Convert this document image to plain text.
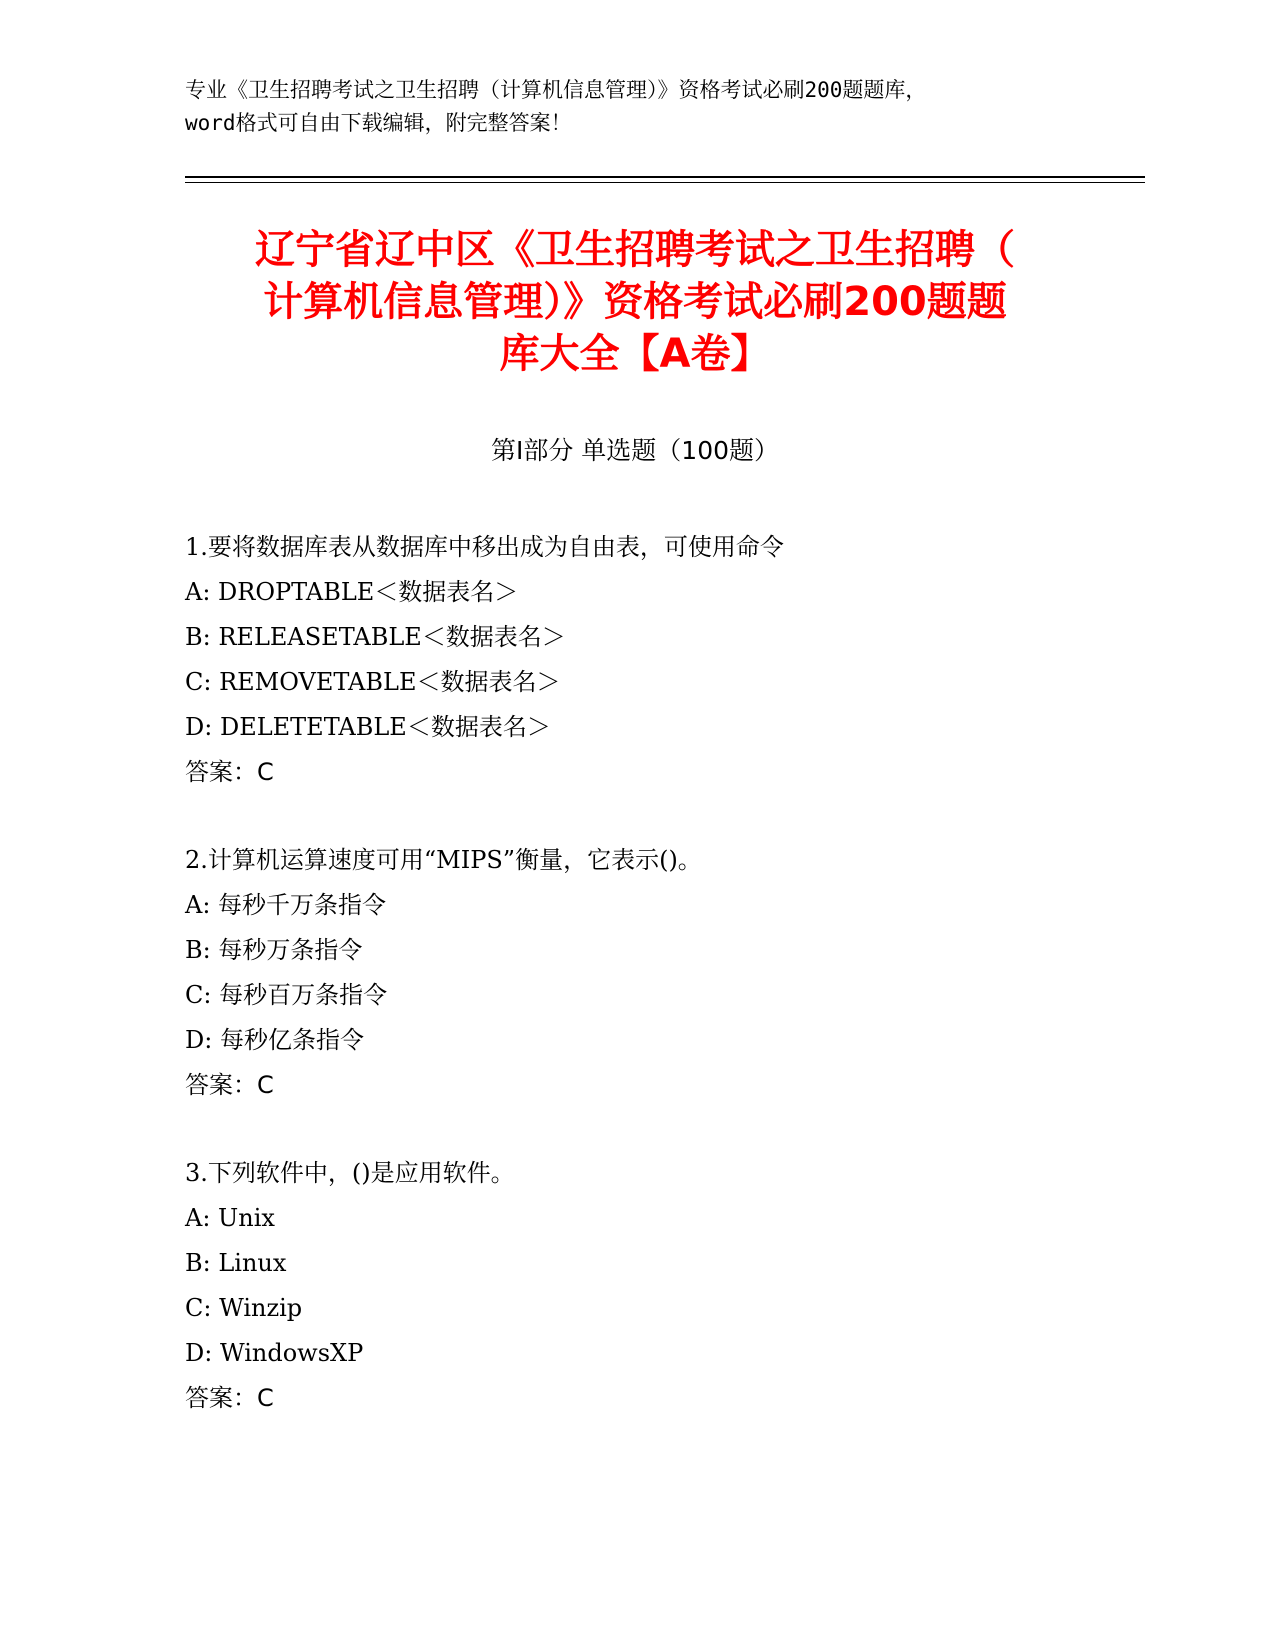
专业《卫生招聘考试之卫生招聘（计算机信息管理）》资格考试必刷200题题库，
word格式可自由下载编辑，附完整答案！
辽宁省辽中区《卫生招聘考试之卫生招聘（
计算机信息管理）》资格考试必刷200题题
库大全【A卷】
第Ⅰ部分 单选题（100题）
1.要将数据库表从数据库中移出成为自由表，可使用命令
A: DROPTABLE＜数据表名＞
B: RELEASETABLE＜数据表名＞
C: REMOVETABLE＜数据表名＞
D: DELETETABLE＜数据表名＞
答案：C
2.计算机运算速度可用“MIPS”衡量，它表示()。
A: 每秒千万条指令
B: 每秒万条指令
C: 每秒百万条指令
D: 每秒亿条指令
答案：C
3.下列软件中，()是应用软件。
A: Unix
B: Linux
C: Winzip
D: WindowsXP
答案：C
